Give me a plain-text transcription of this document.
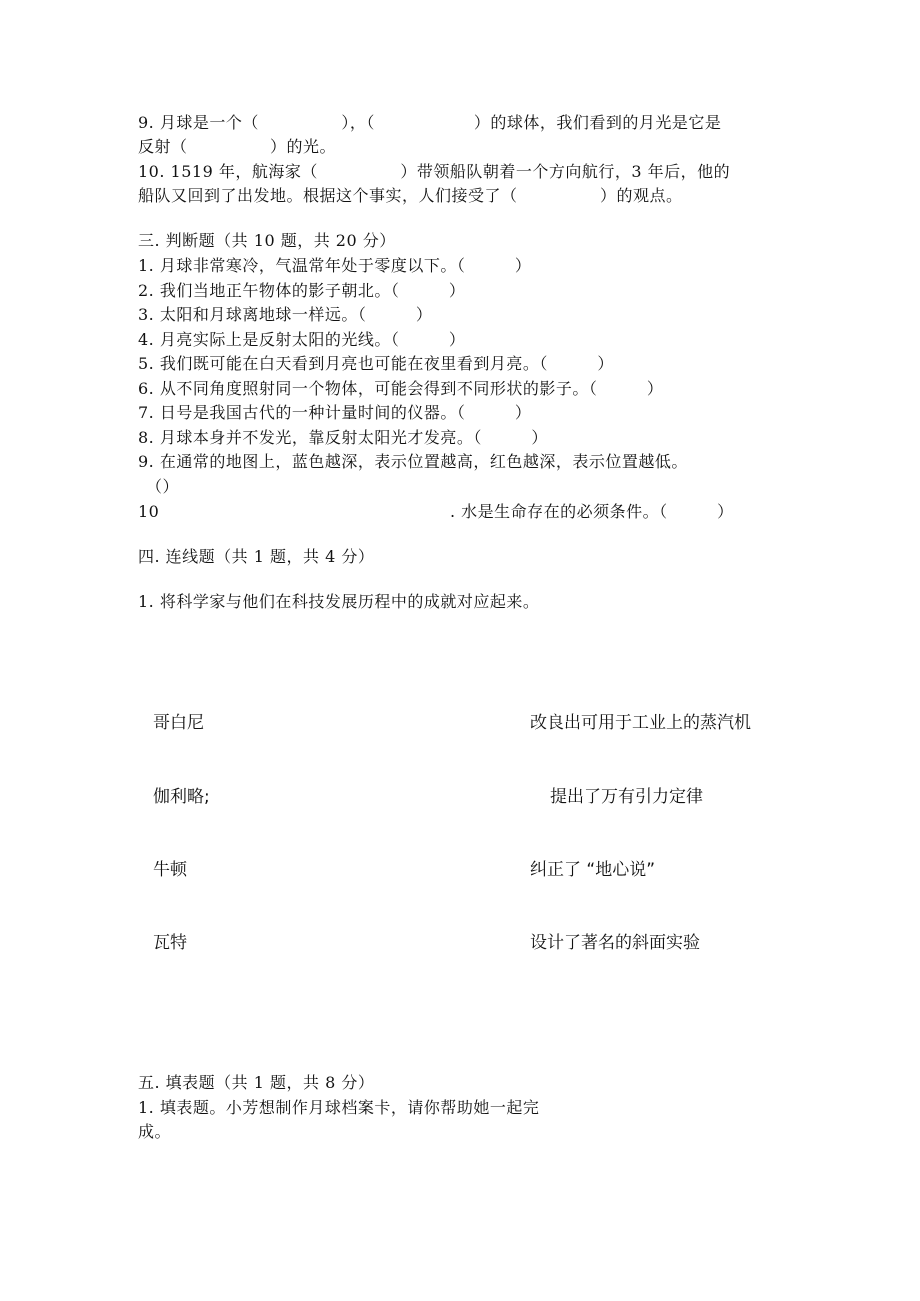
9. 月球是一个（　　　　　），（　　　　　　）的球体，我们看到的月光是它是
反射（　　　　　）的光。
10. 1519 年，航海家（　　　　　）带领船队朝着一个方向航行，3 年后，他的
船队又回到了出发地。根据这个事实，人们接受了（　　　　　）的观点。
三. 判断题（共 10 题，共 20 分）
1. 月球非常寒冷，气温常年处于零度以下。（　　　）
2. 我们当地正午物体的影子朝北。（　　　）
3. 太阳和月球离地球一样远。（　　　）
4. 月亮实际上是反射太阳的光线。（　　　）
5. 我们既可能在白天看到月亮也可能在夜里看到月亮。（　　　）
6. 从不同角度照射同一个物体，可能会得到不同形状的影子。（　　　）
7. 日号是我国古代的一种计量时间的仪器。（　　　）
8. 月球本身并不发光，靠反射太阳光才发亮。（　　　）
9. 在通常的地图上，蓝色越深，表示位置越高，红色越深，表示位置越低。
（）
10	. 水是生命存在的必须条件。（　　　）
四. 连线题（共 1 题，共 4 分）
1. 将科学家与他们在科技发展历程中的成就对应起来。
哥白尼
伽利略;
牛顿
瓦特
改良出可用于工业上的蒸汽机
提出了万有引力定律
纠正了 “地心说”
设计了著名的斜面实验
五. 填表题（共 1 题，共 8 分）
1. 填表题。小芳想制作月球档案卡，请你帮助她一起完
成。
